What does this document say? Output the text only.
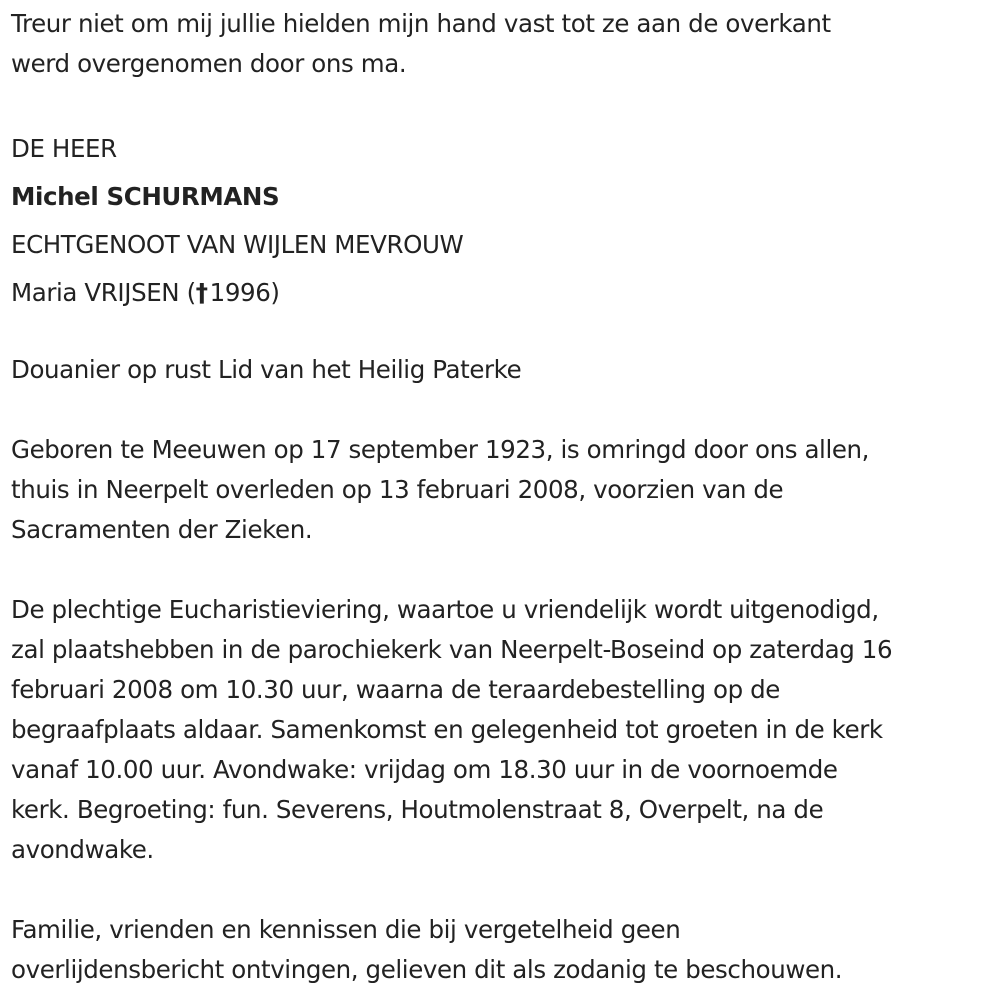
Treur niet om mij jullie hielden mijn hand vast tot ze aan de overkant
werd overgenomen door ons ma.
DE HEER
Michel SCHURMANS
ECHTGENOOT VAN WIJLEN MEVROUW
Maria VRIJSEN (†1996)
Douanier op rust Lid van het Heilig Paterke
Geboren te Meeuwen op 17 september 1923, is omringd door ons allen,
thuis in Neerpelt overleden op 13 februari 2008, voorzien van de
Sacramenten der Zieken.
De plechtige Eucharistieviering, waartoe u vriendelijk wordt uitgenodigd,
zal plaatshebben in de parochiekerk van Neerpelt-Boseind op zaterdag 16
februari 2008 om 10.30 uur, waarna de teraardebestelling op de
begraafplaats aldaar. Samenkomst en gelegenheid tot groeten in de kerk
vanaf 10.00 uur. Avondwake: vrijdag om 18.30 uur in de voornoemde
kerk. Begroeting: fun. Severens, Houtmolenstraat 8, Overpelt, na de
avondwake.
Familie, vrienden en kennissen die bij vergetelheid geen
overlijdensbericht ontvingen, gelieven dit als zodanig te beschouwen.
